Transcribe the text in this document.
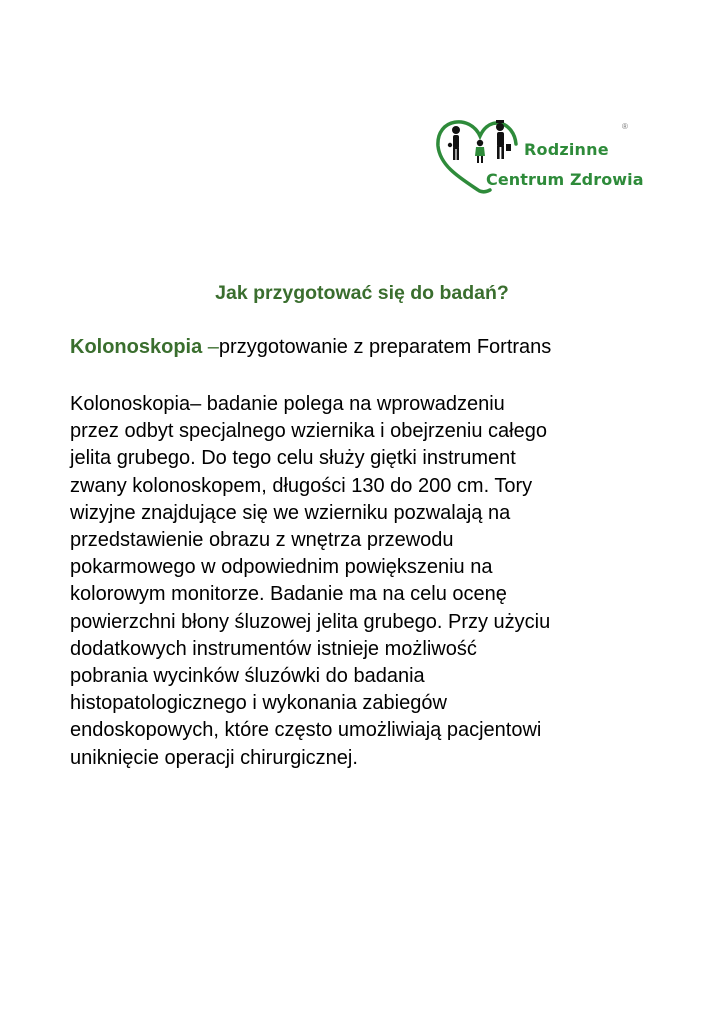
®
Rodzinne
Centrum Zdrowia
Jak przygotować się do badań?
Kolonoskopia –przygotowanie z preparatem Fortrans
Kolonoskopia– badanie polega na wprowadzeniu
przez odbyt specjalnego wziernika i obejrzeniu całego
jelita grubego. Do tego celu służy giętki instrument
zwany kolonoskopem, długości 130 do 200 cm. Tory
wizyjne znajdujące się we wzierniku pozwalają na
przedstawienie obrazu z wnętrza przewodu
pokarmowego w odpowiednim powiększeniu na
kolorowym monitorze. Badanie ma na celu ocenę
powierzchni błony śluzowej jelita grubego. Przy użyciu
dodatkowych instrumentów istnieje możliwość
pobrania wycinków śluzówki do badania
histopatologicznego i wykonania zabiegów
endoskopowych, które często umożliwiają pacjentowi
uniknięcie operacji chirurgicznej.
